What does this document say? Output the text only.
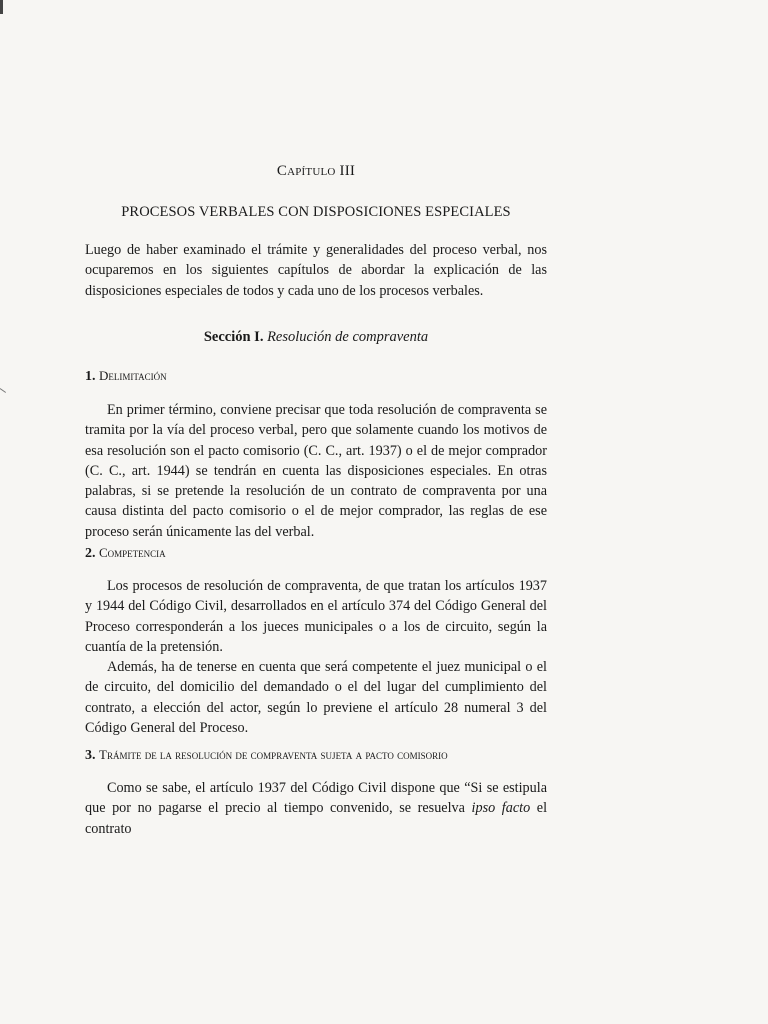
Capítulo III
PROCESOS VERBALES CON DISPOSICIONES ESPECIALES

Luego de haber examinado el trámite y generalidades del proceso verbal, nos ocuparemos en los siguientes capítulos de abordar la explicación de las disposiciones especiales de todos y cada uno de los procesos verbales.

Sección I. Resolución de compraventa
1. Delimitación

En primer término, conviene precisar que toda resolución de compraventa se tramita por la vía del proceso verbal, pero que solamente cuando los motivos de esa resolución son el pacto comisorio (C. C., art. 1937) o el de mejor comprador (C. C., art. 1944) se tendrán en cuenta las disposiciones especiales. En otras palabras, si se pretende la resolución de un contrato de compraventa por una causa distinta del pacto comisorio o el de mejor comprador, las reglas de ese proceso serán únicamente las del verbal.

2. Competencia

Los procesos de resolución de compraventa, de que tratan los artículos 1937 y 1944 del Código Civil, desarrollados en el artículo 374 del Código General del Proceso corresponderán a los jueces municipales o a los de circuito, según la cuantía de la pretensión.

Además, ha de tenerse en cuenta que será competente el juez municipal o el de circuito, del domicilio del demandado o el del lugar del cumplimiento del contrato, a elección del actor, según lo previene el artículo 28 numeral 3 del Código General del Proceso.

3. Trámite de la resolución de compraventa sujeta a pacto comisorio

Como se sabe, el artículo 1937 del Código Civil dispone que “Si se estipula que por no pagarse el precio al tiempo convenido, se resuelva ipso facto el contrato
